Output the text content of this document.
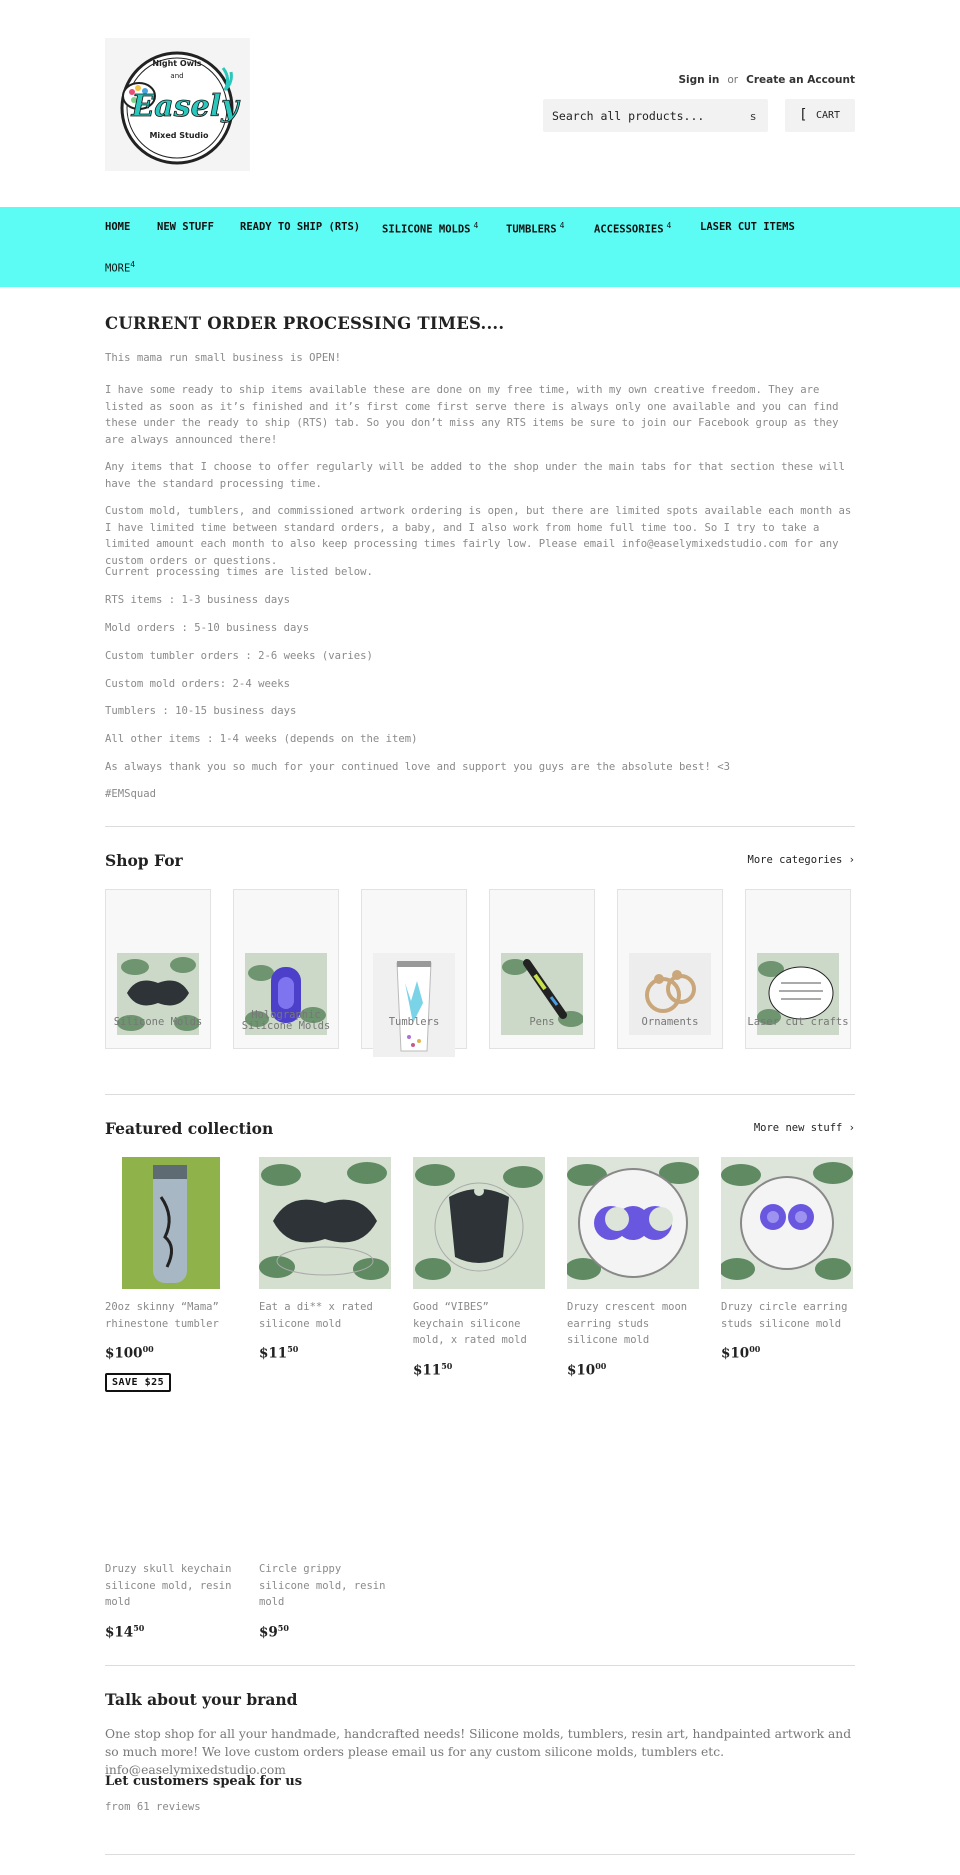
Night Owls
and
Easely
Mixed Studio
Sign in or Create an Account
Search all products...	s	[ CART
HOME	NEW STUFF READY TO SHIP (RTS) SILICONE MOLDS $^4$	TUMBLERS $^4$	ACCESSORIES $^4$	LASER CUT ITEMS
MORE$^4$
CURRENT ORDER PROCESSING TIMES....
This mama run small business is OPEN!
I have some ready to ship items available these are done on my free time, with my own creative freedom. They are listed as soon as it’s finished and it’s first come first serve there is always only one available and you can find these under the ready to ship (RTS) tab. So you don’t miss any RTS items be sure to join our Facebook group as they are always announced there!
Any items that I choose to offer regularly will be added to the shop under the main tabs for that section these will have the standard processing time.
Custom mold, tumblers, and commissioned artwork ordering is open, but there are limited spots available each month as I have limited time between standard orders, a baby, and I also work from home full time too. So I try to take a limited amount each month to also keep processing times fairly low. Please email info@easelymixedstudio.com for any custom orders or questions.
Current processing times are listed below.
RTS items : 1-3 business days
Mold orders : 5-10 business days
Custom tumbler orders : 2-6 weeks (varies)
Custom mold orders: 2-4 weeks
Tumblers : 10-15 business days
All other items : 1-4 weeks (depends on the item)
As always thank you so much for your continued love and support you guys are the absolute best! <3
#EMSquad
Shop For	More categories ›
Silicone Molds
Holographic Silicone Molds	Tumblers	Pens	Ornaments	Laser cut crafts
Featured collection	More new stuff ›
20oz skinny “Mama” rhinestone tumbler
$\$100^{00}$
SAVE $25
Eat a di** x rated silicone mold
$\$11^{50}$
Good “VIBES” keychain silicone mold, x rated mold
$\$11^{50}$
Druzy crescent moon earring studs silicone mold
$\$10^{00}$
Druzy circle earring studs silicone mold
$\$10^{00}$
Druzy skull keychain silicone mold, resin mold
$\$14^{50}$
Circle grippy silicone mold, resin mold
$\$9^{50}$
Talk about your brand
One stop shop for all your handmade, handcrafted needs! Silicone molds, tumblers, resin art, handpainted artwork and so much more! We love custom orders please email us for any custom silicone molds, tumblers etc. info@easelymixedstudio.com
Let customers speak for us
from 61 reviews
